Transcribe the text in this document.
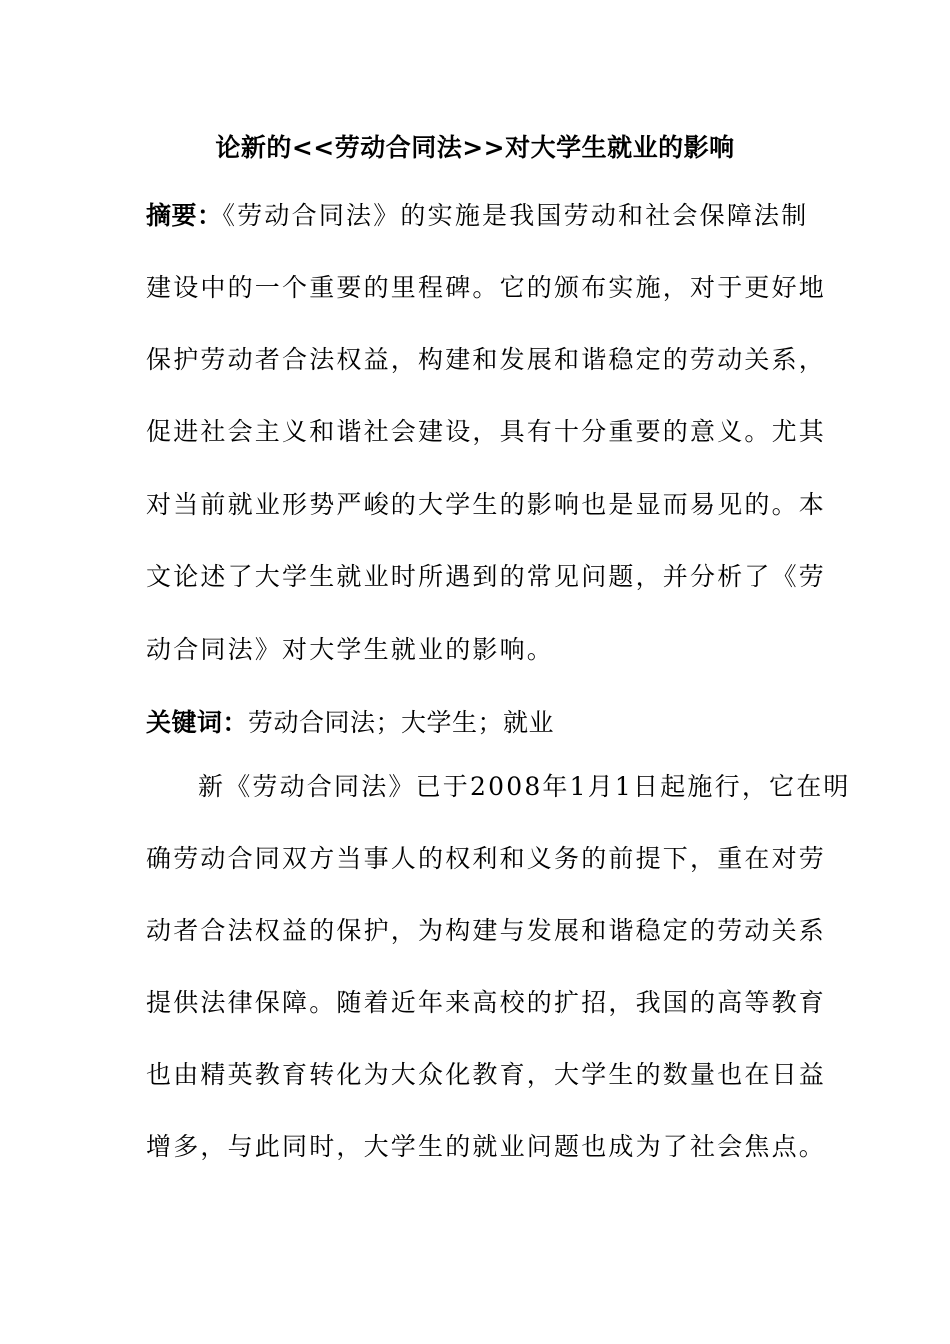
论新的<<劳动合同法>>对大学生就业的影响
摘要：《劳动合同法》的实施是我国劳动和社会保障法制
建设中的一个重要的里程碑。它的颁布实施，对于更好地
保护劳动者合法权益，构建和发展和谐稳定的劳动关系，
促进社会主义和谐社会建设，具有十分重要的意义。尤其
对当前就业形势严峻的大学生的影响也是显而易见的。本
文论述了大学生就业时所遇到的常见问题，并分析了《劳
动合同法》对大学生就业的影响。
关键词：劳动合同法；大学生；就业
新《劳动合同法》已于2008年1月1日起施行，它在明
确劳动合同双方当事人的权利和义务的前提下，重在对劳
动者合法权益的保护，为构建与发展和谐稳定的劳动关系
提供法律保障。随着近年来高校的扩招，我国的高等教育
也由精英教育转化为大众化教育，大学生的数量也在日益
增多，与此同时，大学生的就业问题也成为了社会焦点。
